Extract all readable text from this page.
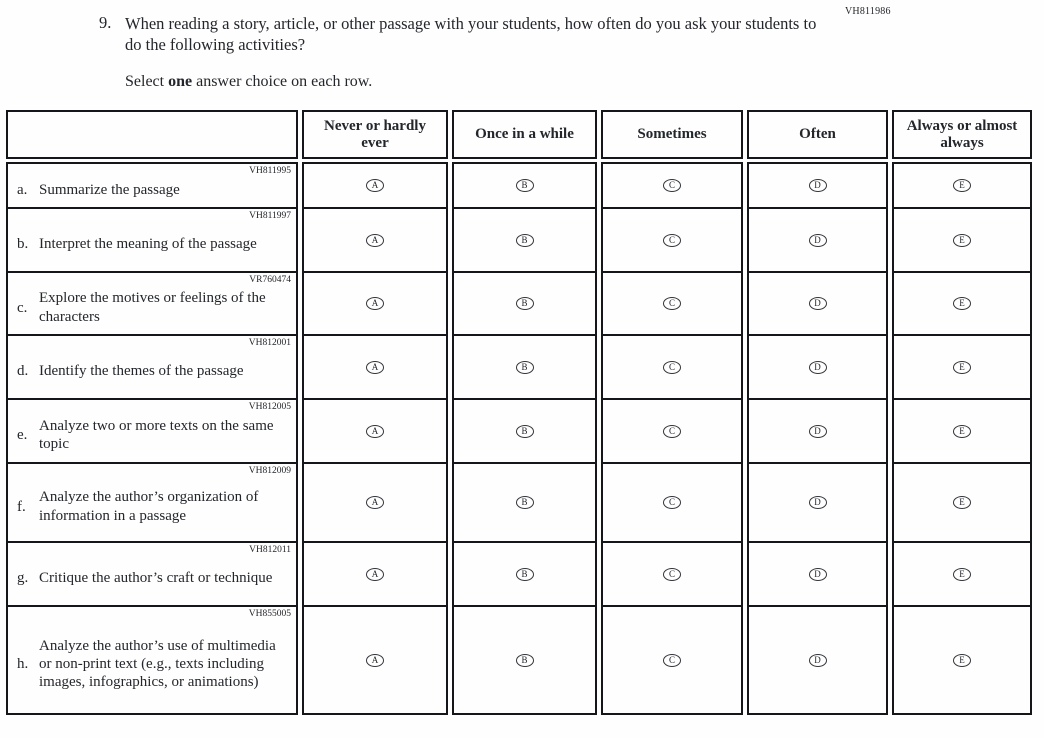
VH811986
9. When reading a story, article, or other passage with your students, how often do you ask your students to do the following activities?

Select one answer choice on each row.

VH811995
a. Summarize the passage
VH811997
b. Interpret the meaning of the passage
VR760474
c.
Explore the motives or feelings of the characters
VH812001
d. Identify the themes of the passage
VH812005
e.
Analyze two or more texts on the same topic
VH812009
f.
Analyze the author’s organization of information in a passage
VH812011
g. Critique the author’s craft or technique
VH855005
h.
Analyze the author’s use of multimedia or non-print text (e.g., texts including images, infographics, or animations)
Never or hardly ever
A
A
A
A
A
A
A
A
Once in a while
B
B
B
B
B
B
B
B
Sometimes
C
C
C
C
C
C
C
C
Often
D
D
D
D
D
D
D
D
Always or almost always
E
E
E
E
E
E
E
E
